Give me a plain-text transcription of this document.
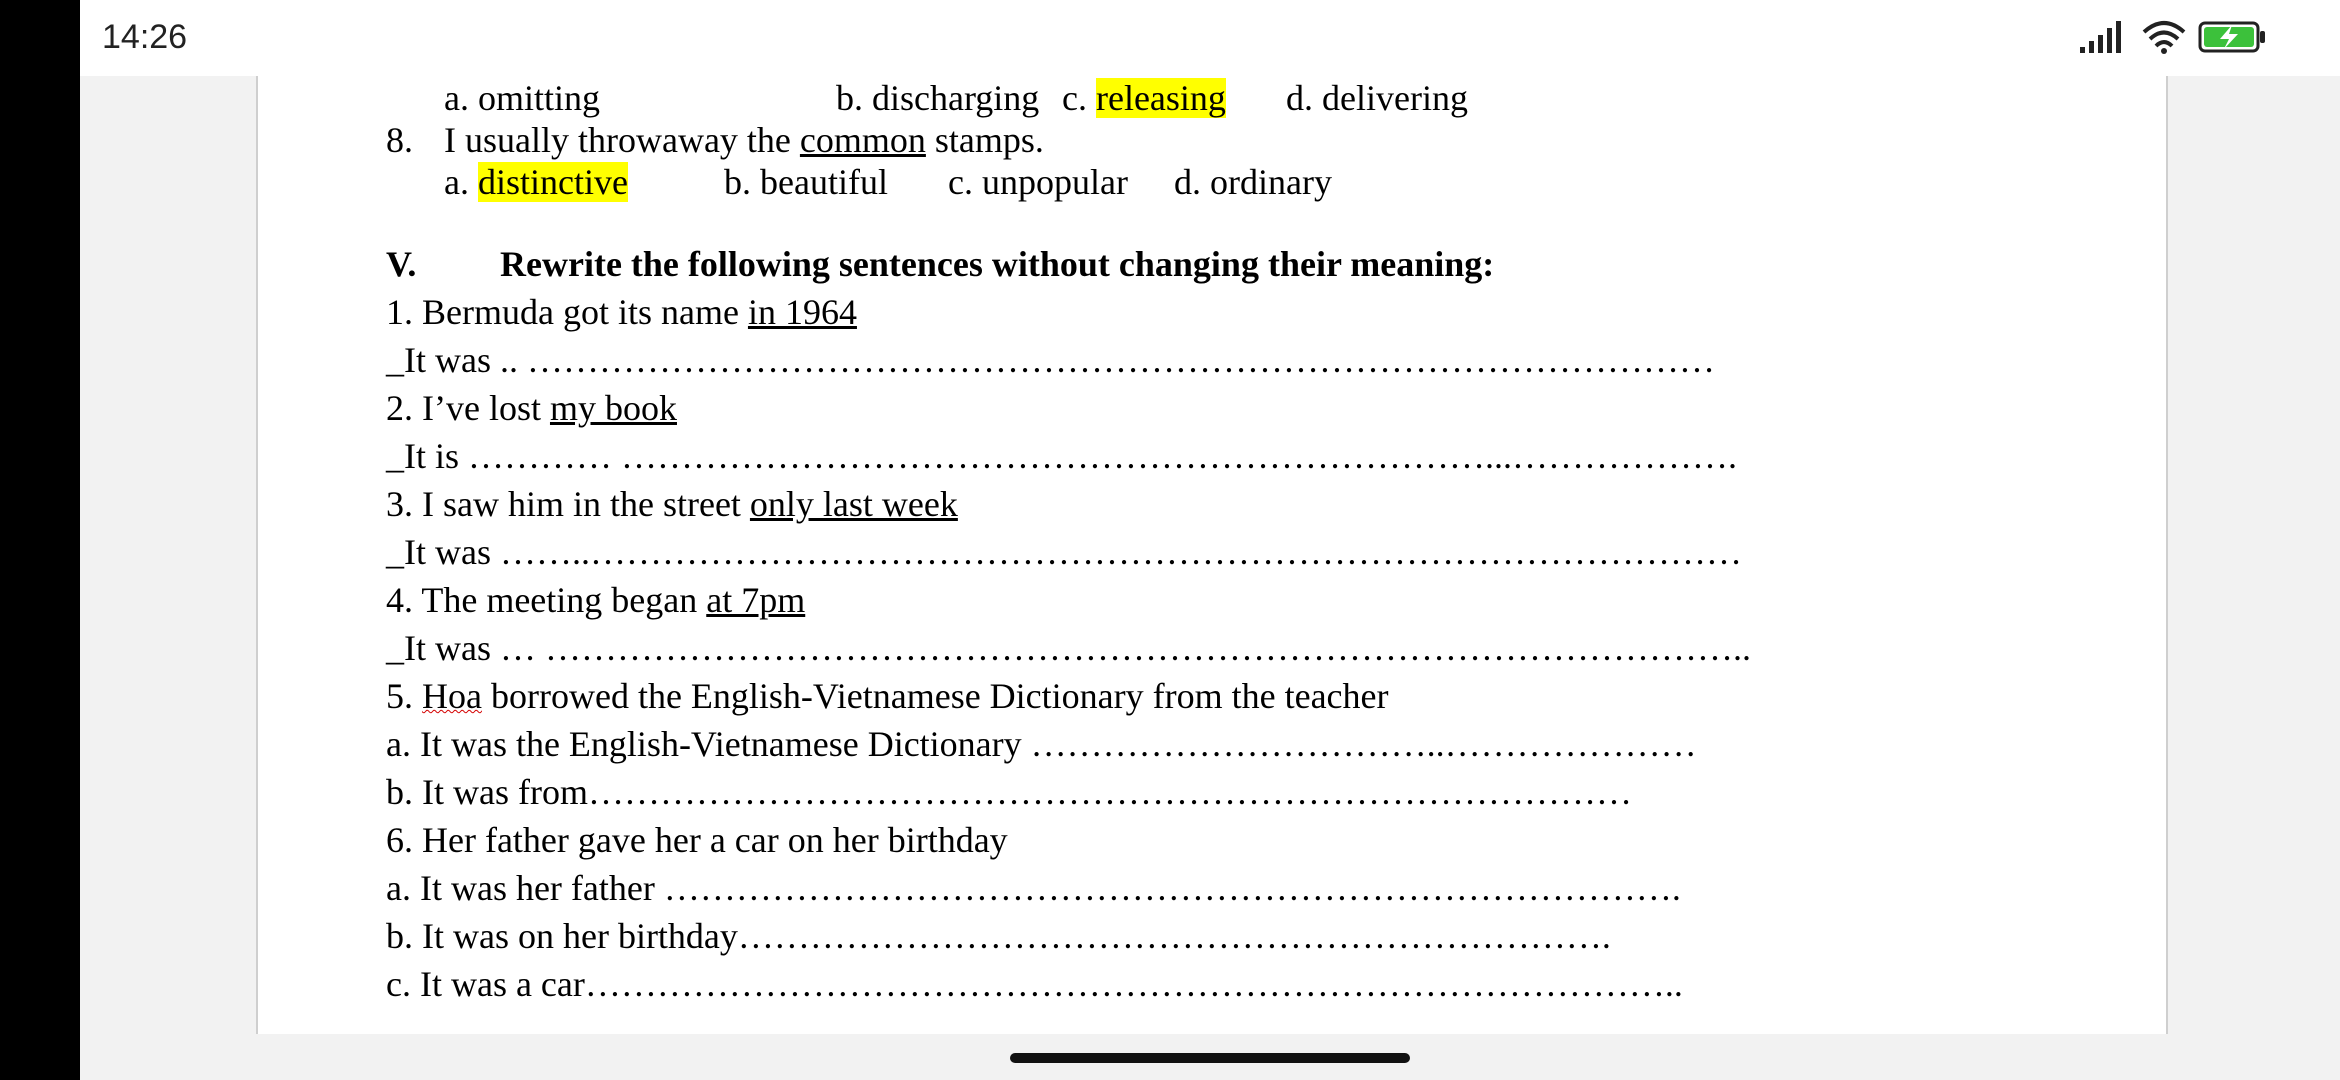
14:26
a. omitting	b. discharging c. releasing d. delivering
8. I usually throwaway the common stamps.
a. distinctive	b. beautiful c. unpopular d. ordinary
V. Rewrite the following sentences without changing their meaning:
1. Bermuda got its name in 1964
_It was .. ………………………………………………………………………………………
2. I’ve lost my book
_It is ………… ………………………………………………………………...……………….
3. I saw him in the street only last week
_It was ……..……………………………………………………………………………………
4. The meeting began at 7pm
_It was … ………………………………………………………………………………………..
5. Hoa borrowed the English-Vietnamese Dictionary from the teacher
a. It was the English-Vietnamese Dictionary ……………………………..…………………
b. It was from……………………………………………………………………………
6. Her father gave her a car on her birthday
a. It was her father ………………………………………………………………………….
b. It was on her birthday……………………………………………………………….
c. It was a car………………………………………………………………………………..
